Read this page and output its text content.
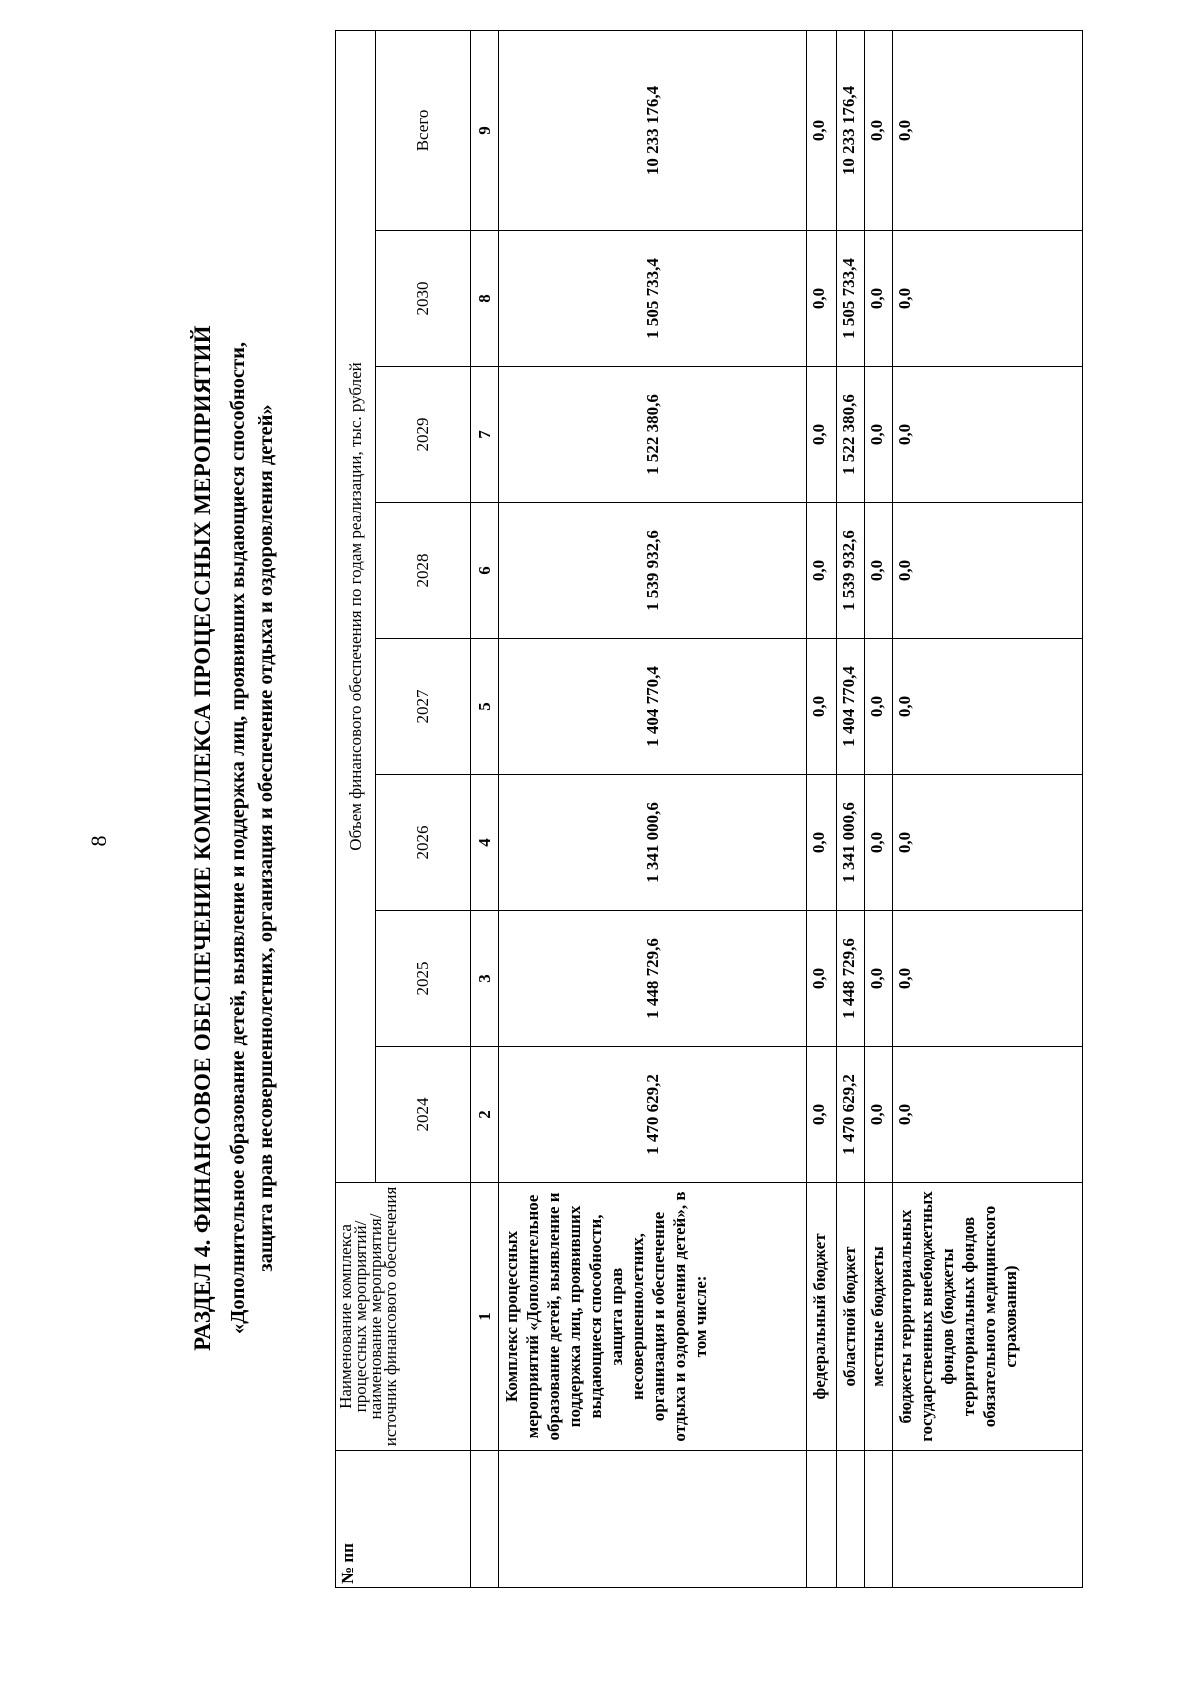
8	РАЗДЕЛ 4. ФИНАНСОВОЕ ОБЕСПЕЧЕНИЕ КОМПЛЕКСА ПРОЦЕССНЫХ МЕРОПРИЯТИЙ «Дополнительное образование детей, выявление и поддержка лиц, проявивших выдающиеся способности, защита прав несовершеннолетних, организация и обеспечение отдыха и оздоровления детей»
№ пп	Наименование комплекса процессных мероприятий/наименование мероприятия/источник финансового обеспечения	Объем финансового обеспечения по годам реализации, тыс. рублей							
		2024	2025	2026	2027	2028	2029	2030	Всего
	1	2	3	4	5	6	7	8	9
	Комплекс процессных мероприятий «Дополнительное образование детей, выявление и поддержка лиц, проявивших выдающиеся способности, защита прав несовершеннолетних, организация и обеспечение отдыха и оздоровления детей», в том числе:	1 470 629,2	1 448 729,6	1 341 000,6	1 404 770,4	1 539 932,6	1 522 380,6	1 505 733,4	10 233 176,4
	федеральный бюджет	0,0	0,0	0,0	0,0	0,0	0,0	0,0	0,0
	областной бюджет	1 470 629,2	1 448 729,6	1 341 000,6	1 404 770,4	1 539 932,6	1 522 380,6	1 505 733,4	10 233 176,4
	местные бюджеты	0,0	0,0	0,0	0,0	0,0	0,0	0,0	0,0
	бюджеты территориальных государственных внебюджетных фондов (бюджеты территориальных фондов обязательного медицинского страхования)	0,0	0,0	0,0	0,0	0,0	0,0	0,0	0,0
